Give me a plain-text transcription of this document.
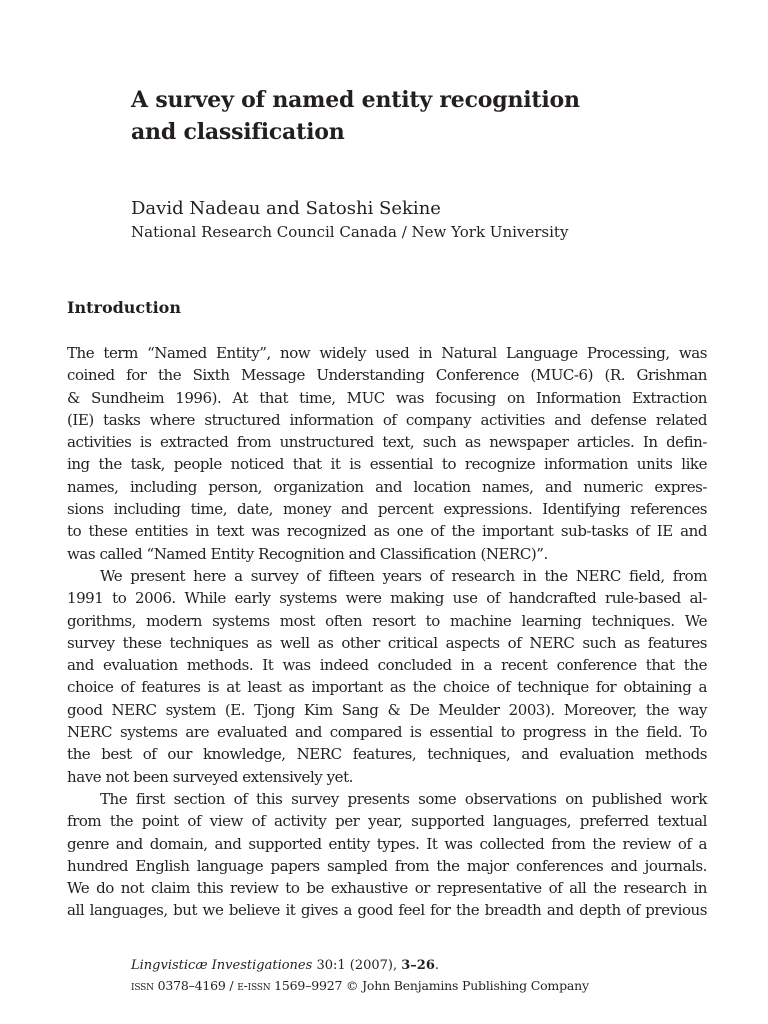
A survey of named entity recognition
and classification
David Nadeau and Satoshi Sekine
National Research Council Canada / New York University
Introduction
The term “Named Entity”, now widely used in Natural Language Processing, was
coined for the Sixth Message Understanding Conference (MUC-6) (R. Grishman
& Sundheim 1996). At that time, MUC was focusing on Information Extraction
(IE) tasks where structured information of company activities and defense related
activities is extracted from unstructured text, such as newspaper articles. In defin-
ing the task, people noticed that it is essential to recognize information units like
names, including person, organization and location names, and numeric expres-
sions including time, date, money and percent expressions. Identifying references
to these entities in text was recognized as one of the important sub-tasks of IE and
was called “Named Entity Recognition and Classification (NERC)”.
We present here a survey of fifteen years of research in the NERC field, from
1991 to 2006. While early systems were making use of handcrafted rule-based al-
gorithms, modern systems most often resort to machine learning techniques. We
survey these techniques as well as other critical aspects of NERC such as features
and evaluation methods. It was indeed concluded in a recent conference that the
choice of features is at least as important as the choice of technique for obtaining a
good NERC system (E. Tjong Kim Sang & De Meulder 2003). Moreover, the way
NERC systems are evaluated and compared is essential to progress in the field. To
the best of our knowledge, NERC features, techniques, and evaluation methods
have not been surveyed extensively yet.
The first section of this survey presents some observations on published work
from the point of view of activity per year, supported languages, preferred textual
genre and domain, and supported entity types. It was collected from the review of a
hundred English language papers sampled from the major conferences and journals.
We do not claim this review to be exhaustive or representative of all the research in
all languages, but we believe it gives a good feel for the breadth and depth of previous
Lingvisticæ Investigationes 30:1 (2007), 3–26.
issn 0378–4169 / e-issn 1569–9927 © John Benjamins Publishing Company
